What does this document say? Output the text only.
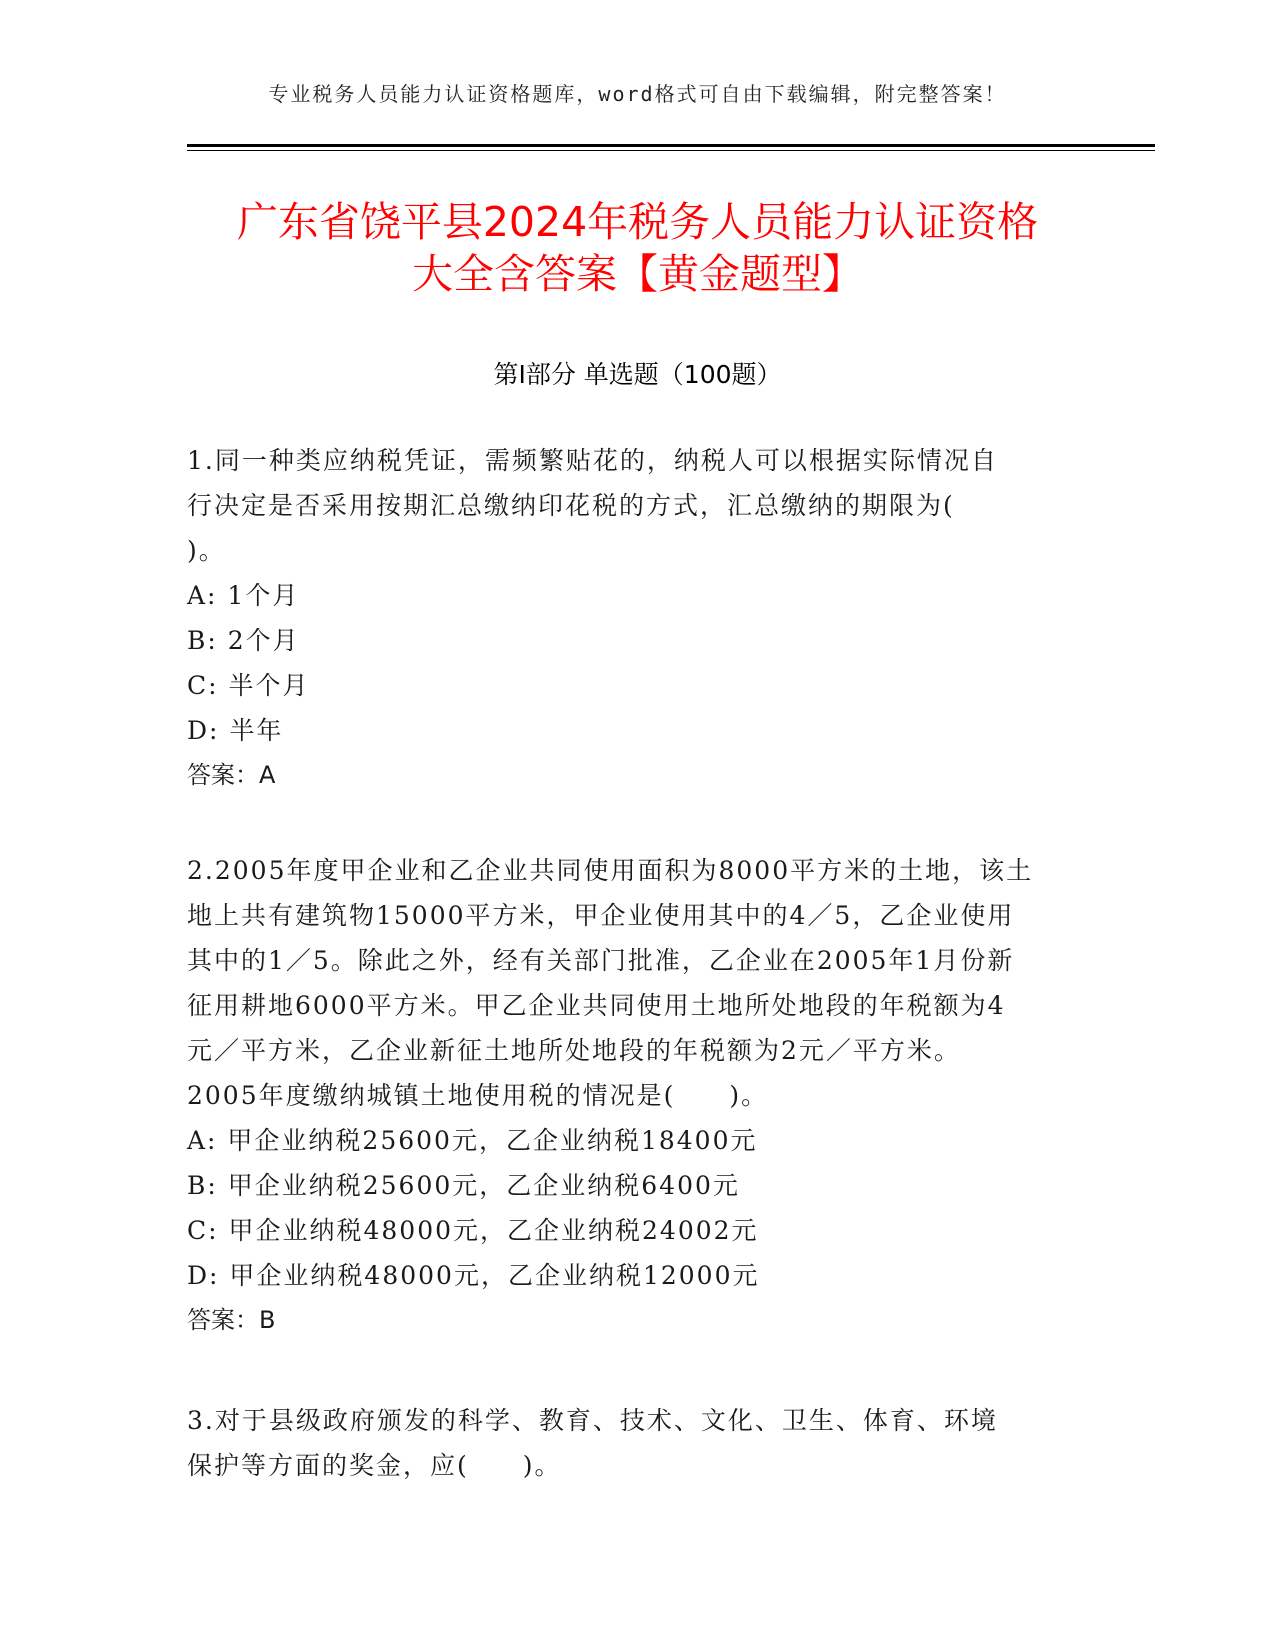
专业税务人员能力认证资格题库，word格式可自由下载编辑，附完整答案！
广东省饶平县2024年税务人员能力认证资格
大全含答案【黄金题型】
第I部分 单选题（100题）

1.同一种类应纳税凭证，需频繁贴花的，纳税人可以根据实际情况自

行决定是否采用按期汇总缴纳印花税的方式，汇总缴纳的期限为(

)。

A: 1个月

B: 2个月

C: 半个月

D: 半年

答案：A

2.2005年度甲企业和乙企业共同使用面积为8000平方米的土地，该土

地上共有建筑物15000平方米，甲企业使用其中的4／5，乙企业使用

其中的1／5。除此之外，经有关部门批准，乙企业在2005年1月份新

征用耕地6000平方米。甲乙企业共同使用土地所处地段的年税额为4

元／平方米，乙企业新征土地所处地段的年税额为2元／平方米。

2005年度缴纳城镇土地使用税的情况是(　　)。

A: 甲企业纳税25600元，乙企业纳税18400元

B: 甲企业纳税25600元，乙企业纳税6400元

C: 甲企业纳税48000元，乙企业纳税24002元

D: 甲企业纳税48000元，乙企业纳税12000元

答案：B

3.对于县级政府颁发的科学、教育、技术、文化、卫生、体育、环境

保护等方面的奖金，应(　　)。
